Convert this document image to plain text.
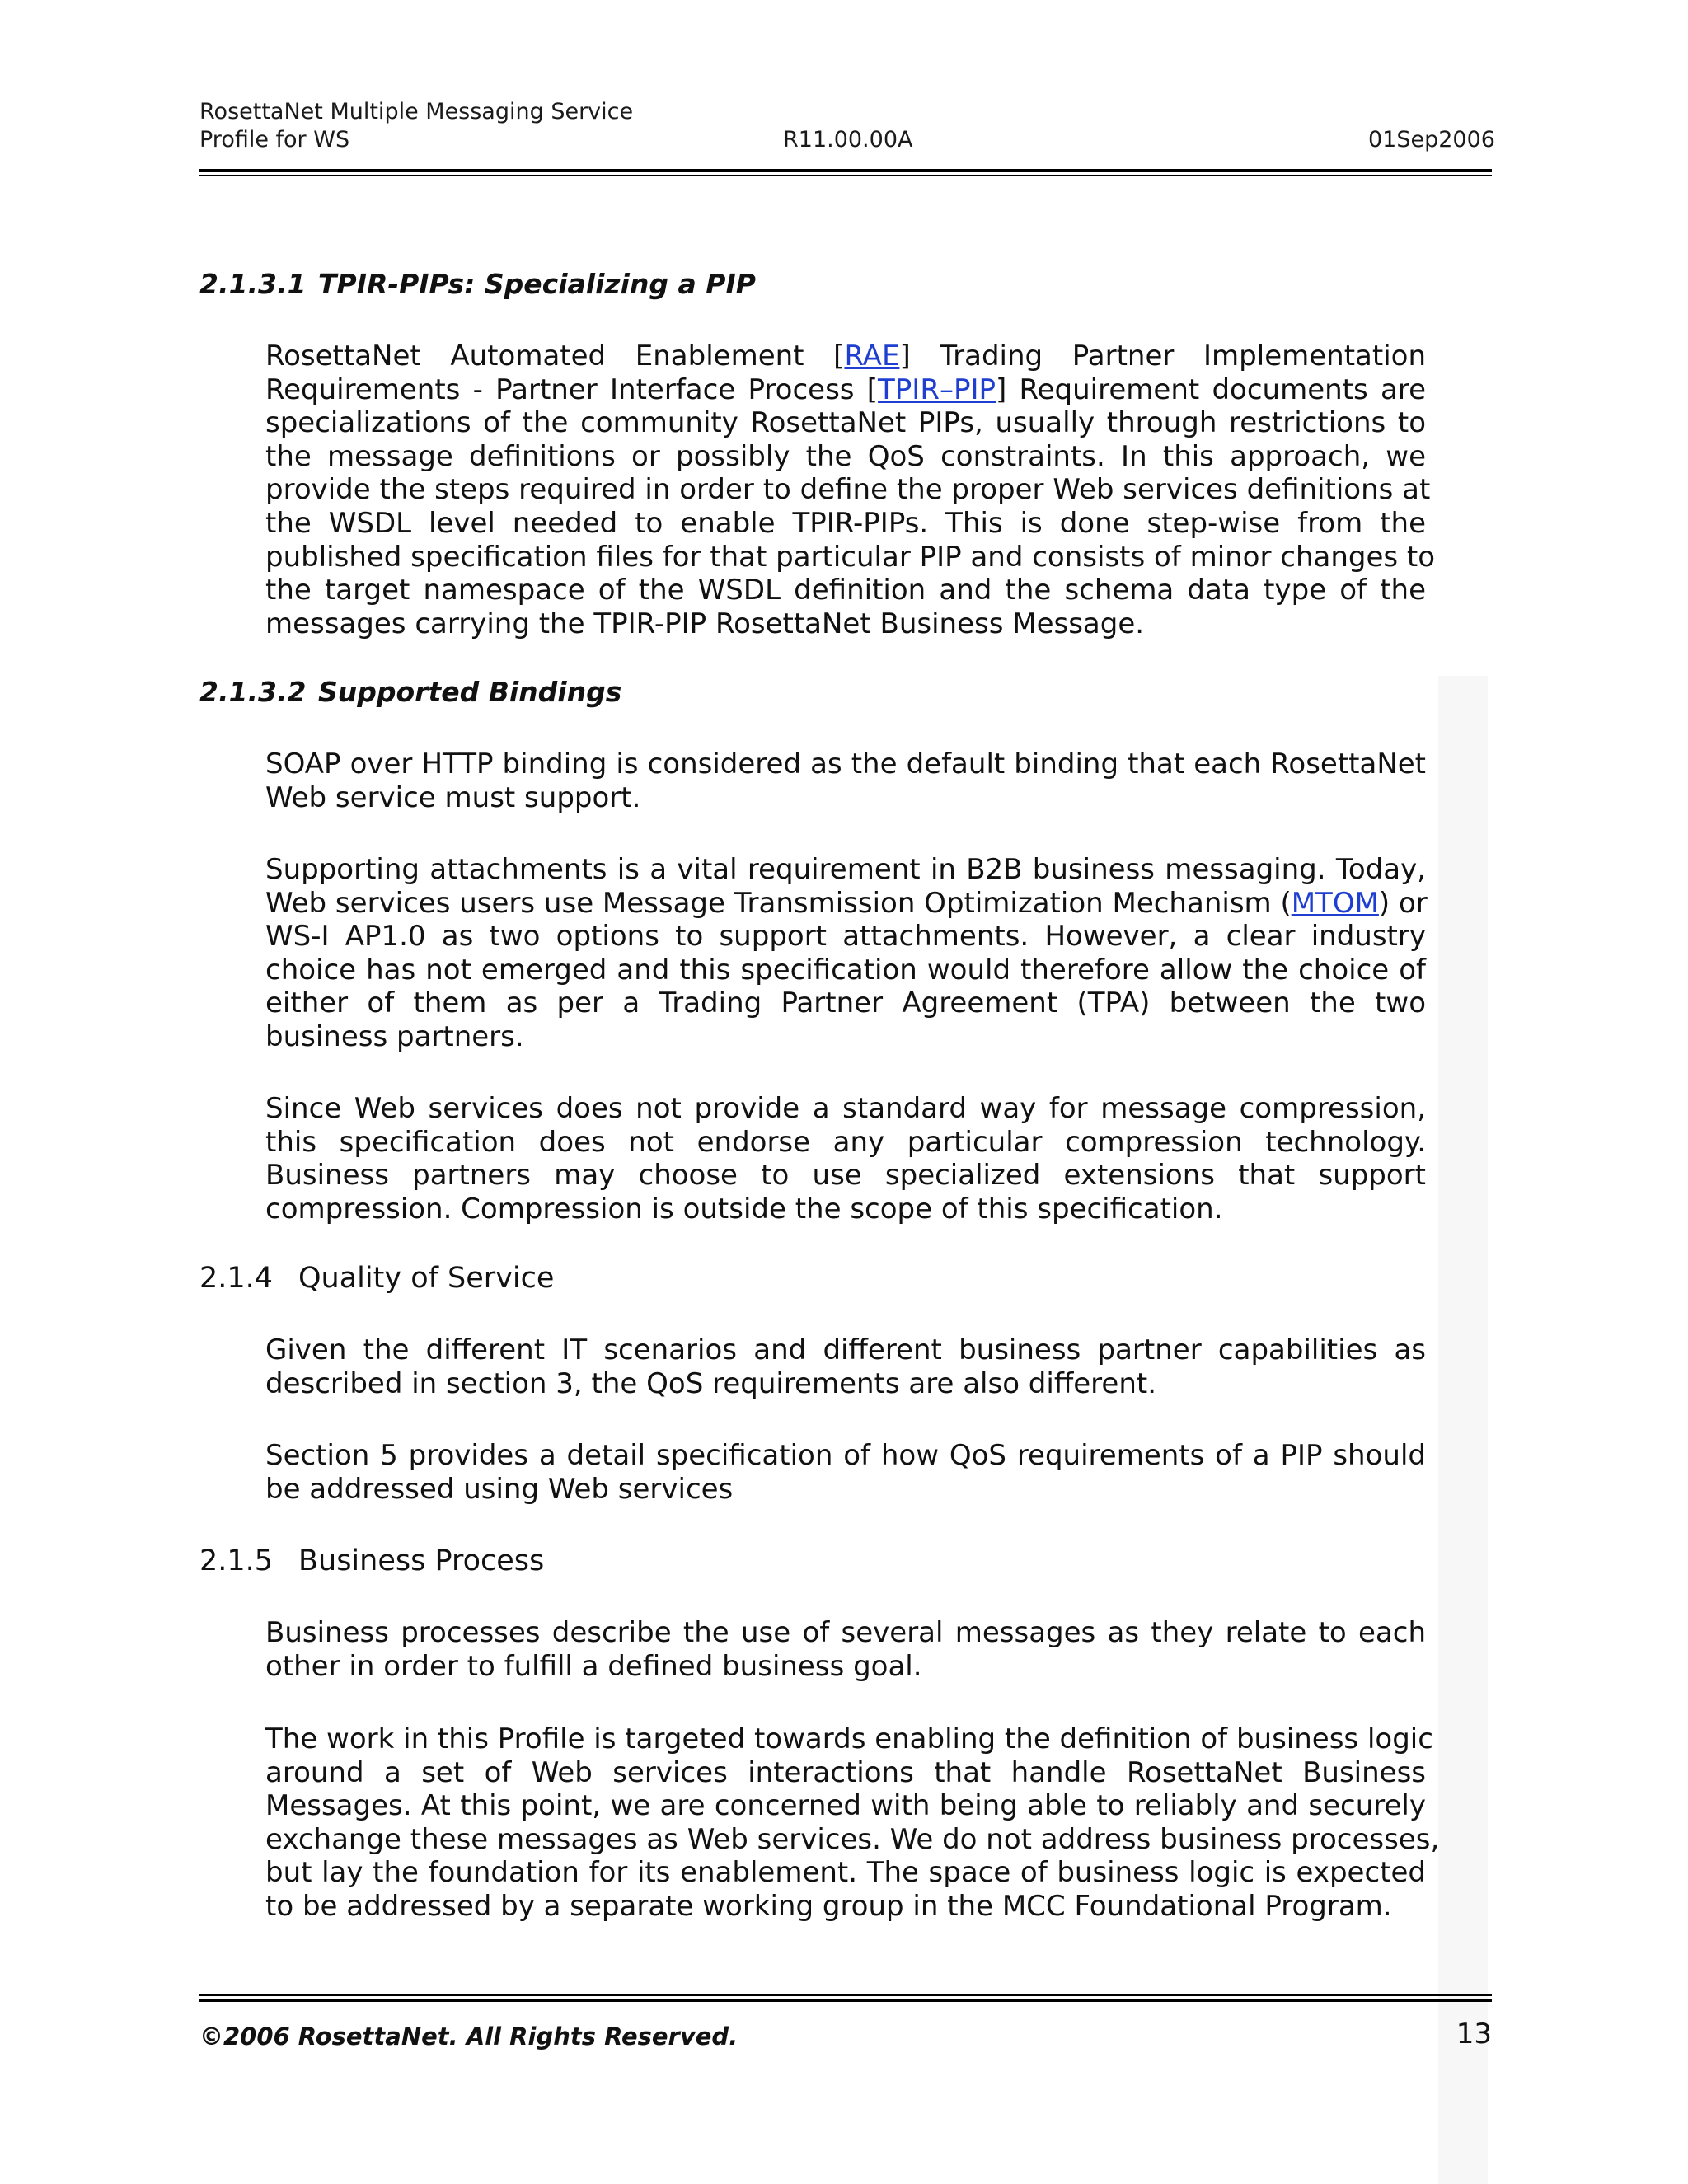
RosettaNet Multiple Messaging Service
Profile for WS	R11.00.00A	01Sep2006
2.1.3.1 TPIR-PIPs: Specializing a PIP
RosettaNet Automated Enablement [RAE] Trading Partner Implementation
Requirements - Partner Interface Process [TPIR–PIP] Requirement documents are
specializations of the community RosettaNet PIPs, usually through restrictions to
the message definitions or possibly the QoS constraints. In this approach, we
provide the steps required in order to define the proper Web services definitions at
the WSDL level needed to enable TPIR-PIPs. This is done step-wise from the
published specification files for that particular PIP and consists of minor changes to
the target namespace of the WSDL definition and the schema data type of the
messages carrying the TPIR-PIP RosettaNet Business Message.
2.1.3.2 Supported Bindings
SOAP over HTTP binding is considered as the default binding that each RosettaNet
Web service must support.
Supporting attachments is a vital requirement in B2B business messaging. Today,
Web services users use Message Transmission Optimization Mechanism (MTOM) or
WS-I AP1.0 as two options to support attachments. However, a clear industry
choice has not emerged and this specification would therefore allow the choice of
either of them as per a Trading Partner Agreement (TPA) between the two
business partners.
Since Web services does not provide a standard way for message compression,
this specification does not endorse any particular compression technology.
Business partners may choose to use specialized extensions that support
compression. Compression is outside the scope of this specification.
2.1.4 Quality of Service
Given the different IT scenarios and different business partner capabilities as
described in section 3, the QoS requirements are also different.
Section 5 provides a detail specification of how QoS requirements of a PIP should
be addressed using Web services
2.1.5 Business Process
Business processes describe the use of several messages as they relate to each
other in order to fulfill a defined business goal.
The work in this Profile is targeted towards enabling the definition of business logic
around a set of Web services interactions that handle RosettaNet Business
Messages. At this point, we are concerned with being able to reliably and securely
exchange these messages as Web services. We do not address business processes,
but lay the foundation for its enablement. The space of business logic is expected
to be addressed by a separate working group in the MCC Foundational Program.
©2006 RosettaNet. All Rights Reserved.	13
